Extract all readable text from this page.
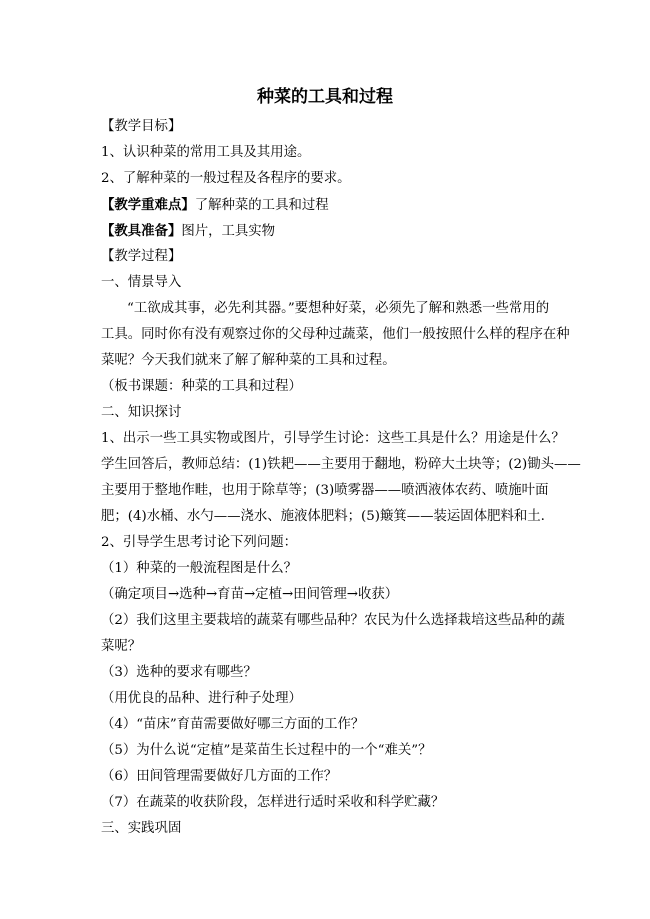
种菜的工具和过程
【教学目标】
1、认识种菜的常用工具及其用途。
2、了解种菜的一般过程及各程序的要求。
【教学重难点】了解种菜的工具和过程
【教具准备】图片，工具实物
【教学过程】
一、情景导入
“工欲成其事，必先利其器。”要想种好菜，必须先了解和熟悉一些常用的
工具。同时你有没有观察过你的父母种过蔬菜，他们一般按照什么样的程序在种
菜呢？今天我们就来了解了解种菜的工具和过程。
（板书课题：种菜的工具和过程）
二、知识探讨
1、出示一些工具实物或图片，引导学生讨论：这些工具是什么？用途是什么？
学生回答后，教师总结：(1)铁耙——主要用于翻地，粉碎大土块等；(2)锄头——
主要用于整地作畦，也用于除草等；(3)喷雾器——喷洒液体农药、喷施叶面
肥；(4)水桶、水勺——浇水、施液体肥料；(5)簸箕——装运固体肥料和土.
2、引导学生思考讨论下列问题：
（1）种菜的一般流程图是什么？
（确定项目→选种→育苗→定植→田间管理→收获）
（2）我们这里主要栽培的蔬菜有哪些品种？农民为什么选择栽培这些品种的蔬
菜呢？
（3）选种的要求有哪些？
（用优良的品种、进行种子处理）
（4）“苗床”育苗需要做好哪三方面的工作？
（5）为什么说“定植”是菜苗生长过程中的一个“难关”？
（6）田间管理需要做好几方面的工作？
（7）在蔬菜的收获阶段，怎样进行适时采收和科学贮藏？
三、实践巩固
